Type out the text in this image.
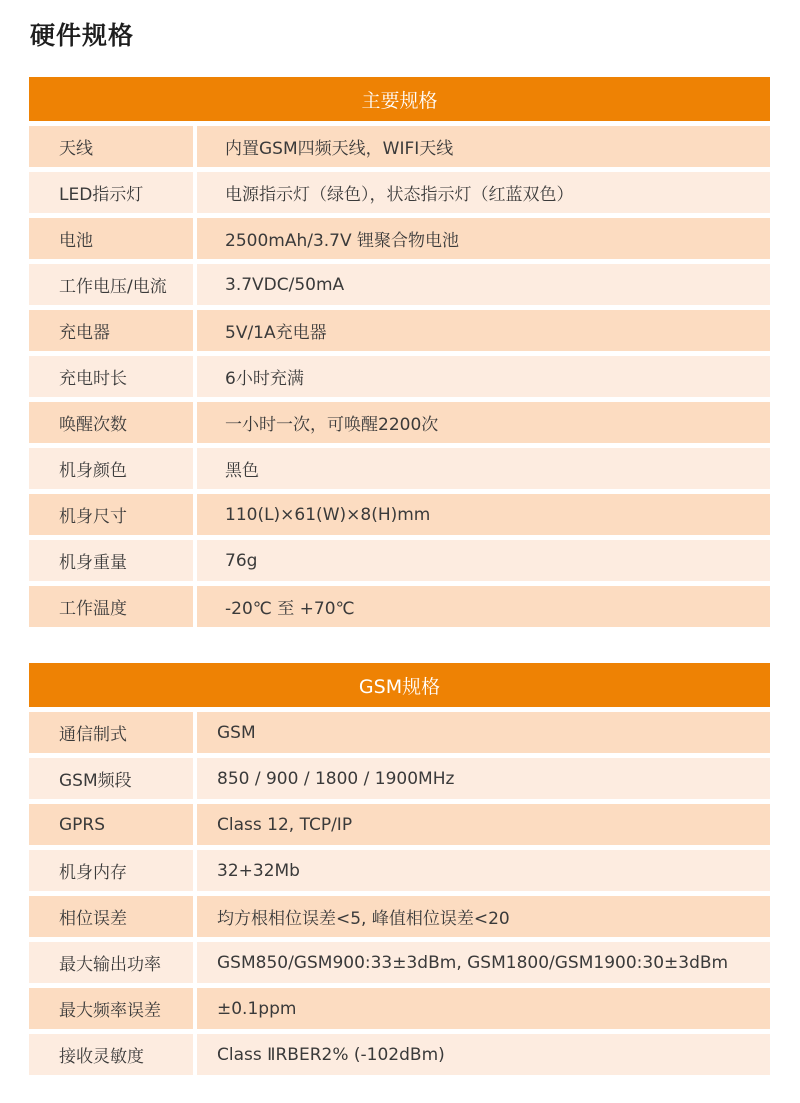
硬件规格
主要规格
天线	内置GSM四频天线，WIFI天线
LED指示灯	电源指示灯（绿色），状态指示灯（红蓝双色）
电池	2500mAh/3.7V 锂聚合物电池
工作电压/电流	3.7VDC/50mA
充电器	5V/1A充电器
充电时长	6小时充满
唤醒次数	一小时一次，可唤醒2200次
机身颜色	黑色
机身尺寸	110(L)×61(W)×8(H)mm
机身重量	76g
工作温度	-20℃ 至 +70℃
GSM规格
通信制式	GSM
GSM频段	850 / 900 / 1800 / 1900MHz
GPRS	Class 12, TCP/IP
机身内存	32+32Mb
相位误差	均方根相位误差<5, 峰值相位误差<20
最大输出功率	GSM850/GSM900:33±3dBm, GSM1800/GSM1900:30±3dBm
最大频率误差	±0.1ppm
接收灵敏度	Class ⅡRBER2% (-102dBm)
